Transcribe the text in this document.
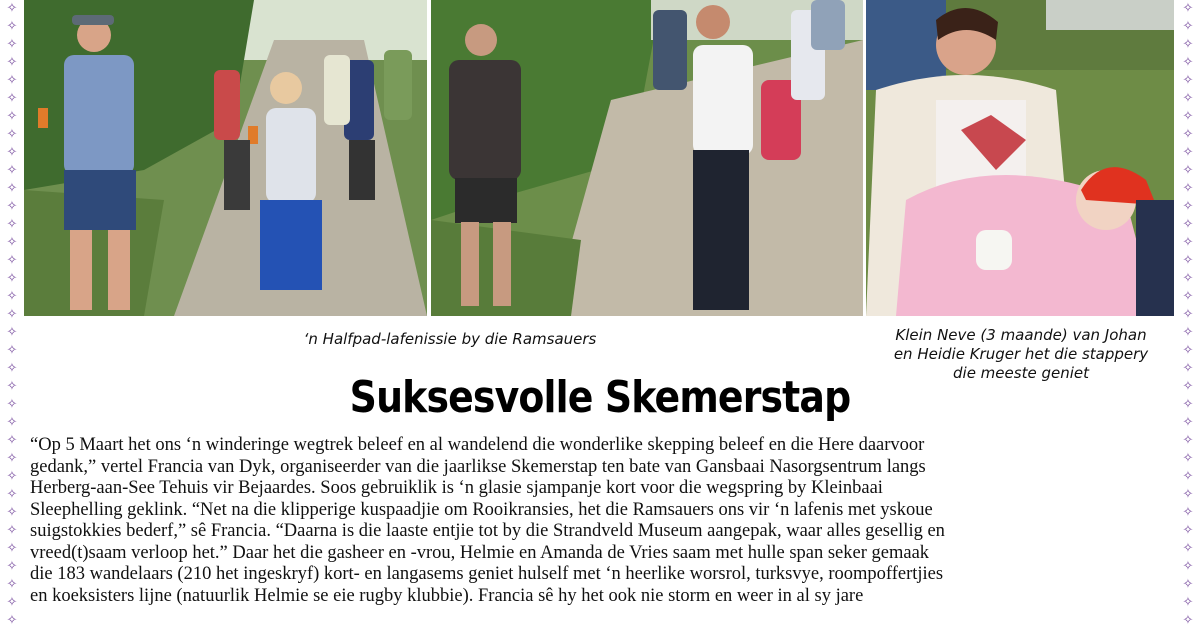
✧
✧
✧
✧
✧
✧
✧
✧
✧
✧
✧
✧
✧
✧
✧
✧
✧
✧
✧
✧
✧
✧
✧
✧
✧
✧
✧
✧
✧
✧
✧
✧
✧
✧
✧
✧
✧
✧
✧
✧
✧
✧
✧
✧
✧
✧
✧
✧
✧
✧
✧
✧
✧
✧
✧
✧
✧
✧
✧
✧
✧
✧
✧
✧
✧
✧
✧
✧
✧
✧
‘n Halfpad-lafenissie by die Ramsauers	Klein Neve (3 maande) van Johan
en Heidie Kruger het die stappery
die meeste geniet
Suksesvolle Skemerstap
“Op 5 Maart het ons ‘n winderinge wegtrek beleef en al wandelend die wonderlike skepping beleef en die Here daarvoor
gedank,” vertel Francia van Dyk, organiseerder van die jaarlikse Skemerstap ten bate van Gansbaai Nasorgsentrum langs
Herberg-aan-See Tehuis vir Bejaardes. Soos gebruiklik is ‘n glasie sjampanje kort voor die wegspring by Kleinbaai
Sleephelling geklink. “Net na die klipperige kuspaadjie om Rooikransies, het die Ramsauers ons vir ‘n lafenis met yskoue
suigstokkies bederf,” sê Francia. “Daarna is die laaste entjie tot by die Strandveld Museum aangepak, waar alles gesellig en
vreed(t)saam verloop het.” Daar het die gasheer en -vrou, Helmie en Amanda de Vries saam met hulle span seker gemaak
die 183 wandelaars (210 het ingeskryf) kort- en langasems geniet hulself met ‘n heerlike worsrol, turksvye, roompoffertjies
en koeksisters lijne (natuurlik Helmie se eie rugby klubbie). Francia sê hy het ook nie storm en weer in al sy jare
